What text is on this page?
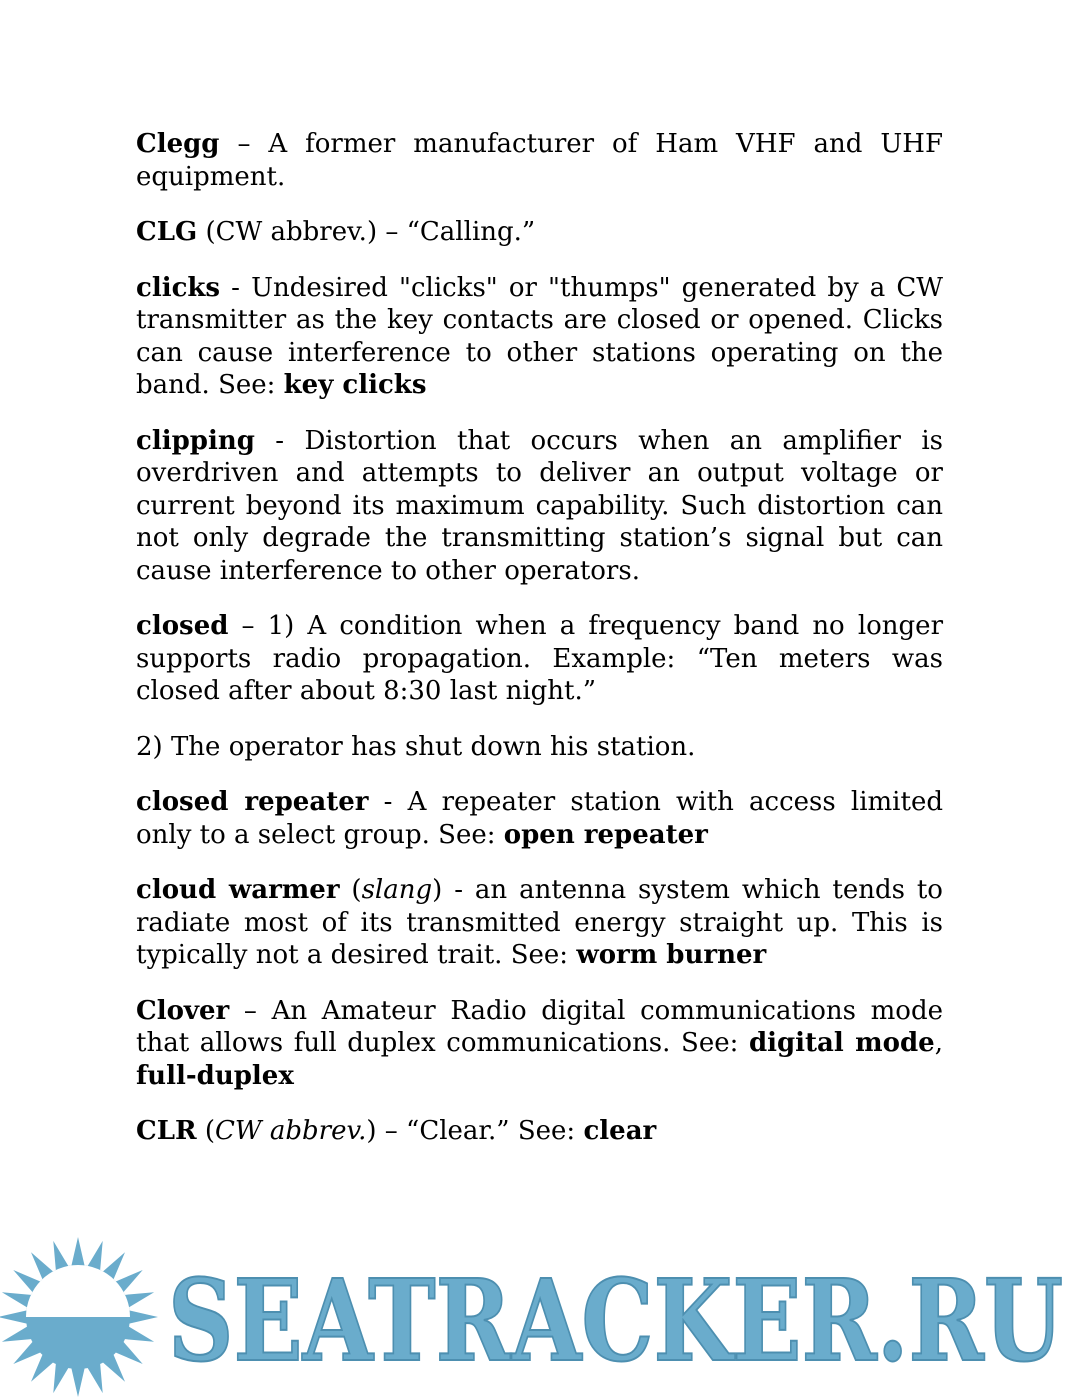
Clegg – A former manufacturer of Ham VHF and UHF equipment.

CLG (CW abbrev.) – “Calling.”

clicks - Undesired "clicks" or "thumps" generated by a CW transmitter as the key contacts are closed or opened. Clicks can cause interference to other stations operating on the band. See: key clicks

clipping - Distortion that occurs when an amplifier is overdriven and attempts to deliver an output voltage or current beyond its maximum capability. Such distortion can not only degrade the transmitting station’s signal but can cause interference to other operators.

closed – 1) A condition when a frequency band no longer supports radio propagation. Example: “Ten meters was closed after about 8:30 last night.”

2) The operator has shut down his station.

closed repeater - A repeater station with access limited only to a select group. See: open repeater

cloud warmer (slang) - an antenna system which tends to radiate most of its transmitted energy straight up. This is typically not a desired trait. See: worm burner

Clover – An Amateur Radio digital communications mode that allows full duplex communications. See: digital mode, full-duplex

CLR (CW abbrev.) – “Clear.” See: clear

SEATRACKER.RU
